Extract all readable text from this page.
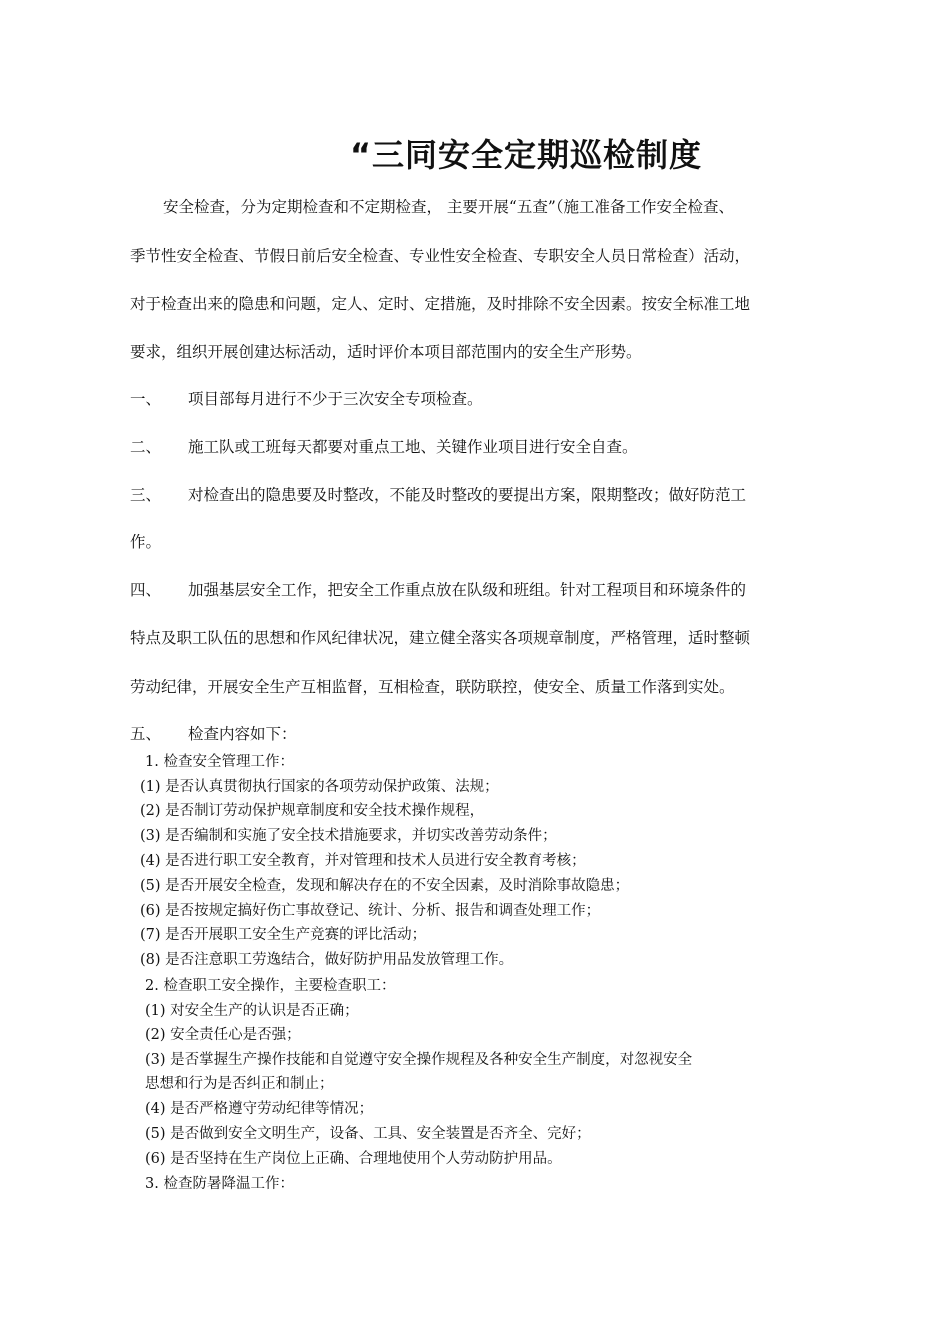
“三同安全定期巡检制度
安全检查，分为定期检查和不定期检查， 主要开展“五查”（施工准备工作安全检查、
季节性安全检查、节假日前后安全检查、专业性安全检查、专职安全人员日常检查）活动，
对于检查出来的隐患和问题，定人、定时、定措施，及时排除不安全因素。按安全标准工地
要求，组织开展创建达标活动，适时评价本项目部范围内的安全生产形势。
一、 项目部每月进行不少于三次安全专项检查。
二、 施工队或工班每天都要对重点工地、关键作业项目进行安全自查。
三、 对检查出的隐患要及时整改，不能及时整改的要提出方案，限期整改；做好防范工
作。
四、 加强基层安全工作，把安全工作重点放在队级和班组。针对工程项目和环境条件的
特点及职工队伍的思想和作风纪律状况，建立健全落实各项规章制度，严格管理，适时整顿
劳动纪律，开展安全生产互相监督，互相检查，联防联控，使安全、质量工作落到实处。
五、 检查内容如下：
1. 检查安全管理工作：
(1) 是否认真贯彻执行国家的各项劳动保护政策、法规；
(2) 是否制订劳动保护规章制度和安全技术操作规程，
(3) 是否编制和实施了安全技术措施要求，并切实改善劳动条件；
(4) 是否进行职工安全教育，并对管理和技术人员进行安全教育考核；
(5) 是否开展安全检查，发现和解决存在的不安全因素，及时消除事故隐患；
(6) 是否按规定搞好伤亡事故登记、统计、分析、报告和调查处理工作；
(7) 是否开展职工安全生产竞赛的评比活动；
(8) 是否注意职工劳逸结合，做好防护用品发放管理工作。
2. 检查职工安全操作，主要检查职工：
(1) 对安全生产的认识是否正确；
(2) 安全责任心是否强；
(3) 是否掌握生产操作技能和自觉遵守安全操作规程及各种安全生产制度，对忽视安全
思想和行为是否纠正和制止；
(4) 是否严格遵守劳动纪律等情况；
(5) 是否做到安全文明生产，设备、工具、安全装置是否齐全、完好；
(6) 是否坚持在生产岗位上正确、合理地使用个人劳动防护用品。
3. 检查防暑降温工作：
